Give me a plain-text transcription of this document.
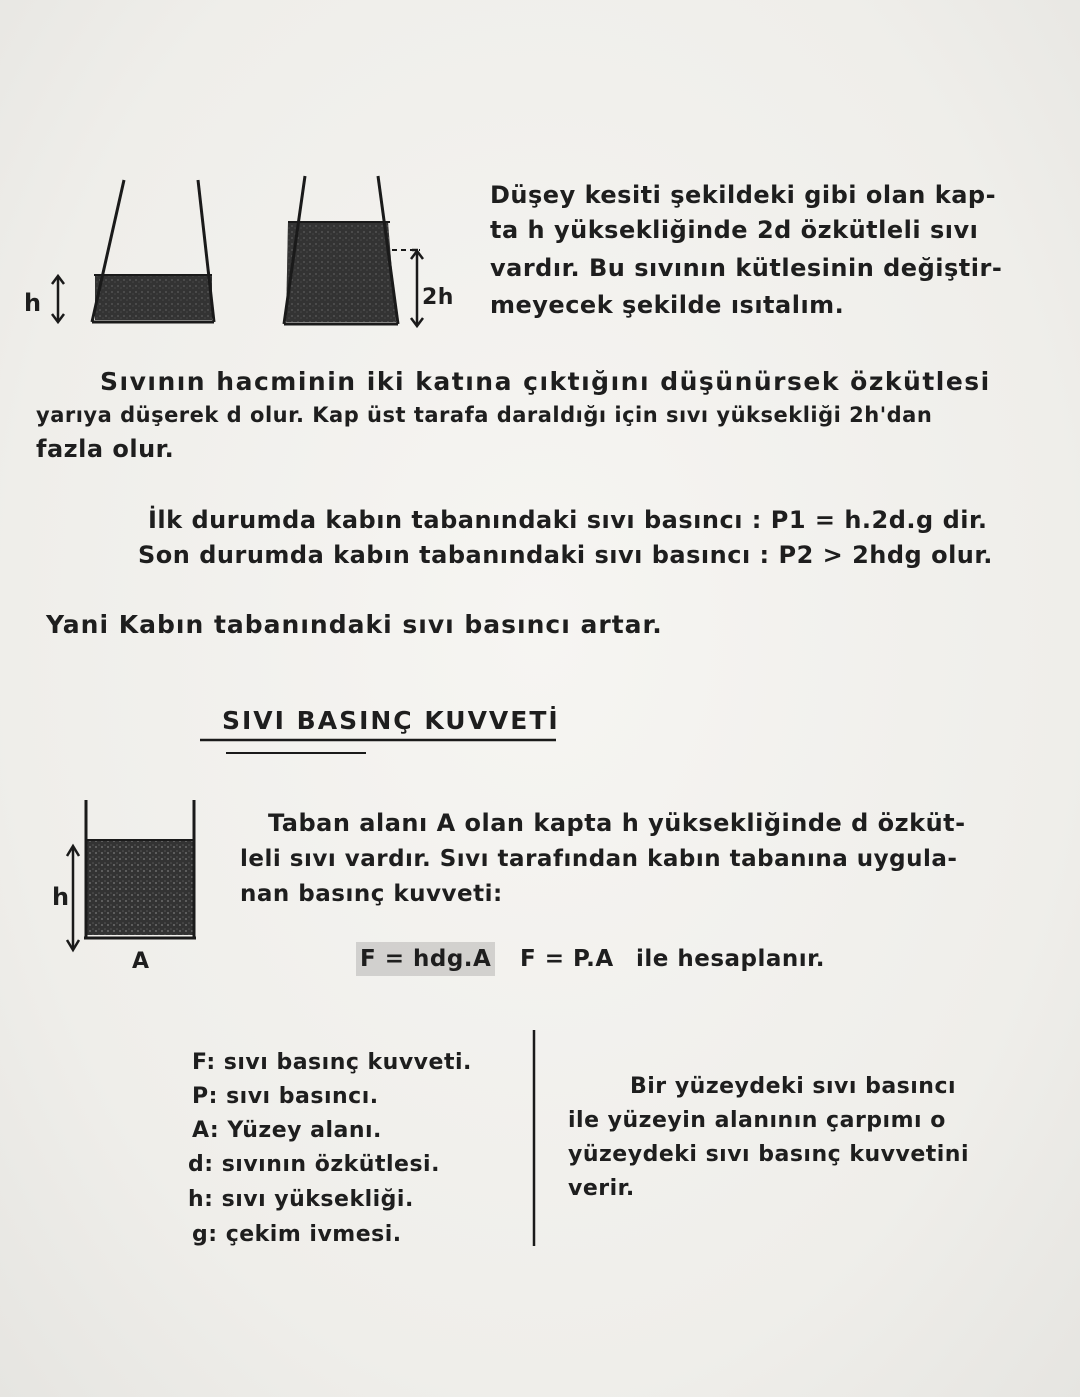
h	2h
Düşey kesiti şekildeki gibi olan kap-
ta h yüksekliğinde 2d özkütleli sıvı
vardır. Bu sıvının kütlesinin değiştir-
meyecek şekilde ısıtalım.
Sıvının hacminin iki katına çıktığını düşünürsek özkütlesi
yarıya düşerek d olur. Kap üst tarafa daraldığı için sıvı yüksekliği 2h'dan
fazla olur.
İlk durumda kabın tabanındaki sıvı basıncı : P1 = h.2d.g dir.
Son durumda kabın tabanındaki sıvı basıncı : P2 > 2hdg olur.
Yani Kabın tabanındaki sıvı basıncı artar.
SIVI BASINÇ KUVVETİ
h
A
Taban alanı A olan kapta h yüksekliğinde d özküt-
leli sıvı vardır. Sıvı tarafından kabın tabanına uygula-
nan basınç kuvveti:
F = hdg.A F = P.A ile hesaplanır.
F: sıvı basınç kuvveti.
P: sıvı basıncı.
A: Yüzey alanı.
d: sıvının özkütlesi.
h: sıvı yüksekliği.
g: çekim ivmesi.
Bir yüzeydeki sıvı basıncı
ile yüzeyin alanının çarpımı o
yüzeydeki sıvı basınç kuvvetini
verir.
